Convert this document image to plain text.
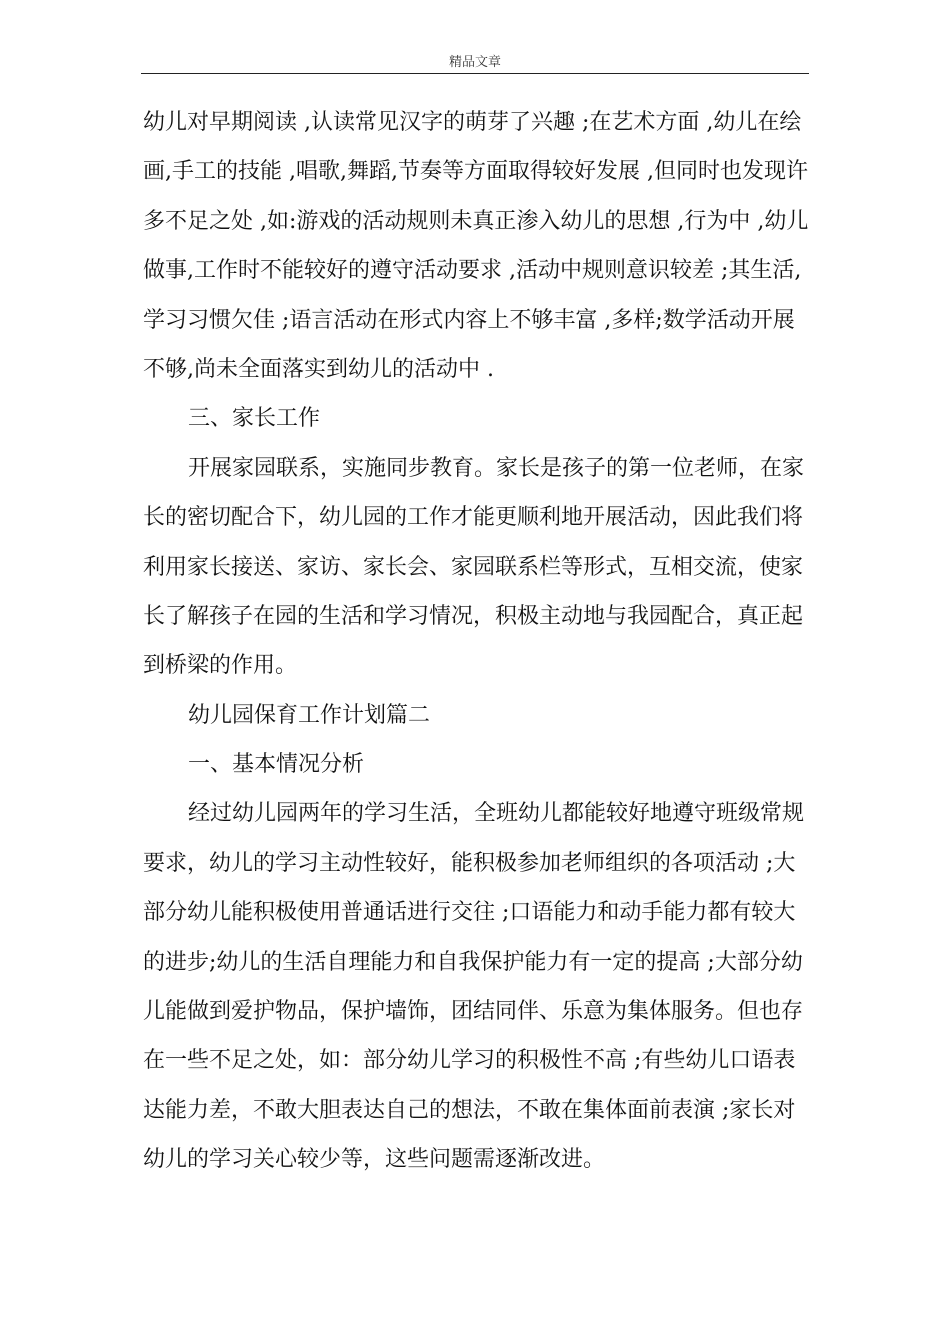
精品文章
幼儿对早期阅读 ,认读常见汉字的萌芽了兴趣 ;在艺术方面 ,幼儿在绘
画,手工的技能 ,唱歌,舞蹈,节奏等方面取得较好发展 ,但同时也发现许
多不足之处 ,如:游戏的活动规则未真正渗入幼儿的思想 ,行为中 ,幼儿
做事,工作时不能较好的遵守活动要求 ,活动中规则意识较差 ;其生活,
学习习惯欠佳 ;语言活动在形式内容上不够丰富 ,多样;数学活动开展
不够,尚未全面落实到幼儿的活动中 .
三、家长工作
开展家园联系，实施同步教育。家长是孩子的第一位老师，在家
长的密切配合下，幼儿园的工作才能更顺利地开展活动，因此我们将
利用家长接送、家访、家长会、家园联系栏等形式，互相交流，使家
长了解孩子在园的生活和学习情况，积极主动地与我园配合，真正起
到桥梁的作用。
幼儿园保育工作计划篇二
一、基本情况分析
经过幼儿园两年的学习生活，全班幼儿都能较好地遵守班级常规
要求，幼儿的学习主动性较好，能积极参加老师组织的各项活动 ;大
部分幼儿能积极使用普通话进行交往 ;口语能力和动手能力都有较大
的进步;幼儿的生活自理能力和自我保护能力有一定的提高 ;大部分幼
儿能做到爱护物品，保护墙饰，团结同伴、乐意为集体服务。但也存
在一些不足之处，如：部分幼儿学习的积极性不高 ;有些幼儿口语表
达能力差，不敢大胆表达自己的想法，不敢在集体面前表演 ;家长对
幼儿的学习关心较少等，这些问题需逐渐改进。
